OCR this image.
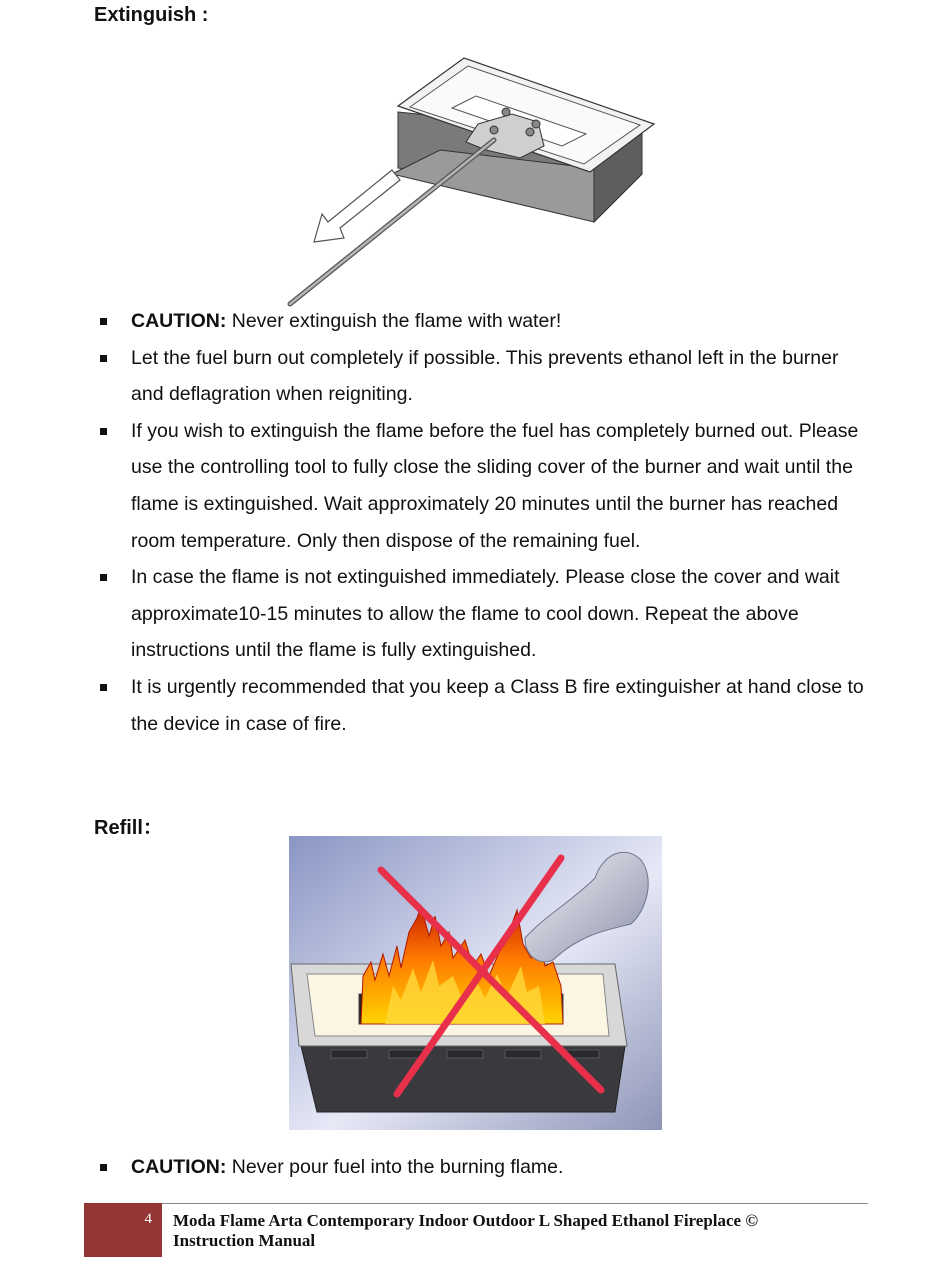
Extinguish :
CAUTION: Never extinguish the flame with water!
Let the fuel burn out completely if possible. This prevents ethanol left in the burner and deflagration when reigniting.
If you wish to extinguish the flame before the fuel has completely burned out. Please use the controlling tool to fully close the sliding cover of the burner and wait until the flame is extinguished. Wait approximately 20 minutes until the burner has reached room temperature. Only then dispose of the remaining fuel.
In case the flame is not extinguished immediately. Please close the cover and wait approximate10-15 minutes to allow the flame to cool down. Repeat the above instructions until the flame is fully extinguished.
It is urgently recommended that you keep a Class B fire extinguisher at hand close to the device in case of fire.
Refill：
CAUTION: Never pour fuel into the burning flame.
4 Moda Flame Arta Contemporary Indoor Outdoor L Shaped Ethanol Fireplace ©
Instruction Manual
